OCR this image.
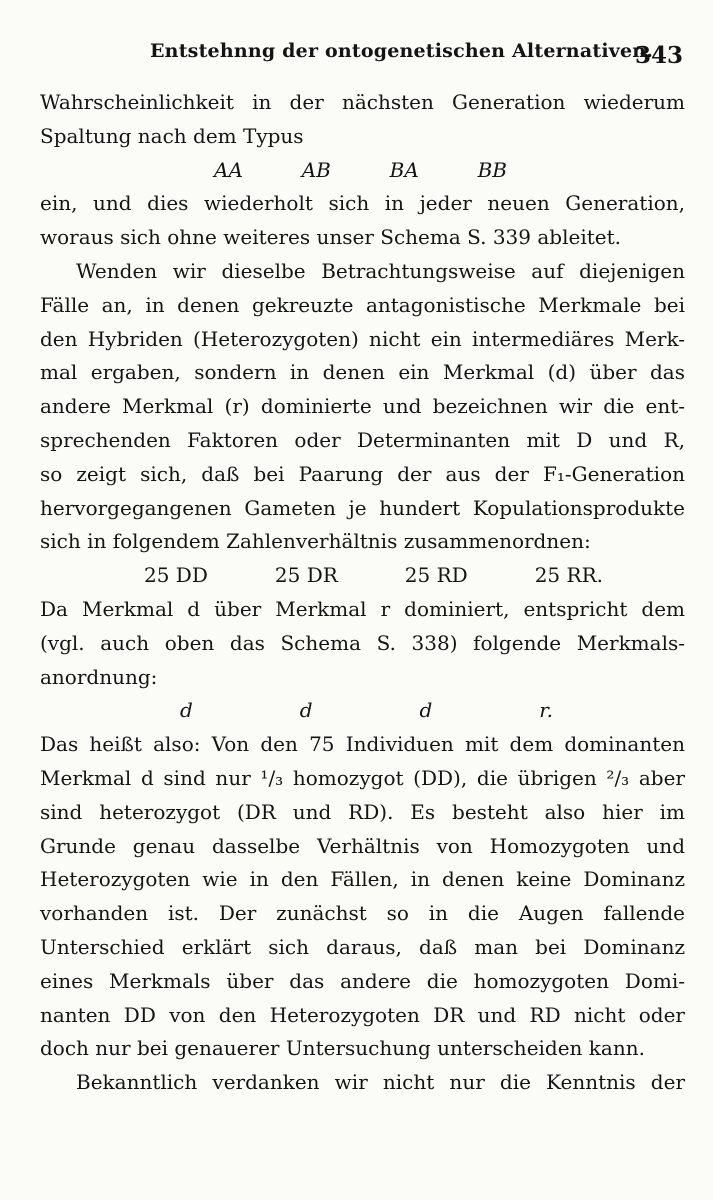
Entstehnng der ontogenetischen Alternativen.
343

Wahrscheinlichkeit in der nächsten Generation wiederum
Spaltung nach dem Typus

AA	AB	BA	BB

ein, und dies wiederholt sich in jeder neuen Generation,
woraus sich ohne weiteres unser Schema S. 339 ableitet.

Wenden wir dieselbe Betrachtungsweise auf diejenigen
Fälle an, in denen gekreuzte antagonistische Merkmale bei
den Hybriden (Heterozygoten) nicht ein intermediäres Merk-
mal ergaben, sondern in denen ein Merkmal (d) über das
andere Merkmal (r) dominierte und bezeichnen wir die ent-
sprechenden Faktoren oder Determinanten mit D und R,
so zeigt sich, daß bei Paarung der aus der F₁-Generation
hervorgegangenen Gameten je hundert Kopulationsprodukte
sich in folgendem Zahlenverhältnis zusammenordnen:

25 DD	25 DR	25 RD	25 RR.

Da Merkmal d über Merkmal r dominiert, entspricht dem
(vgl. auch oben das Schema S. 338) folgende Merkmals-
anordnung:

d	d	d	r.

Das heißt also: Von den 75 Individuen mit dem dominanten
Merkmal d sind nur ¹/₃ homozygot (DD), die übrigen ²/₃ aber
sind heterozygot (DR und RD). Es besteht also hier im
Grunde genau dasselbe Verhältnis von Homozygoten und
Heterozygoten wie in den Fällen, in denen keine Dominanz
vorhanden ist. Der zunächst so in die Augen fallende
Unterschied erklärt sich daraus, daß man bei Dominanz
eines Merkmals über das andere die homozygoten Domi-
nanten DD von den Heterozygoten DR und RD nicht oder
doch nur bei genauerer Untersuchung unterscheiden kann.

Bekanntlich verdanken wir nicht nur die Kenntnis der
